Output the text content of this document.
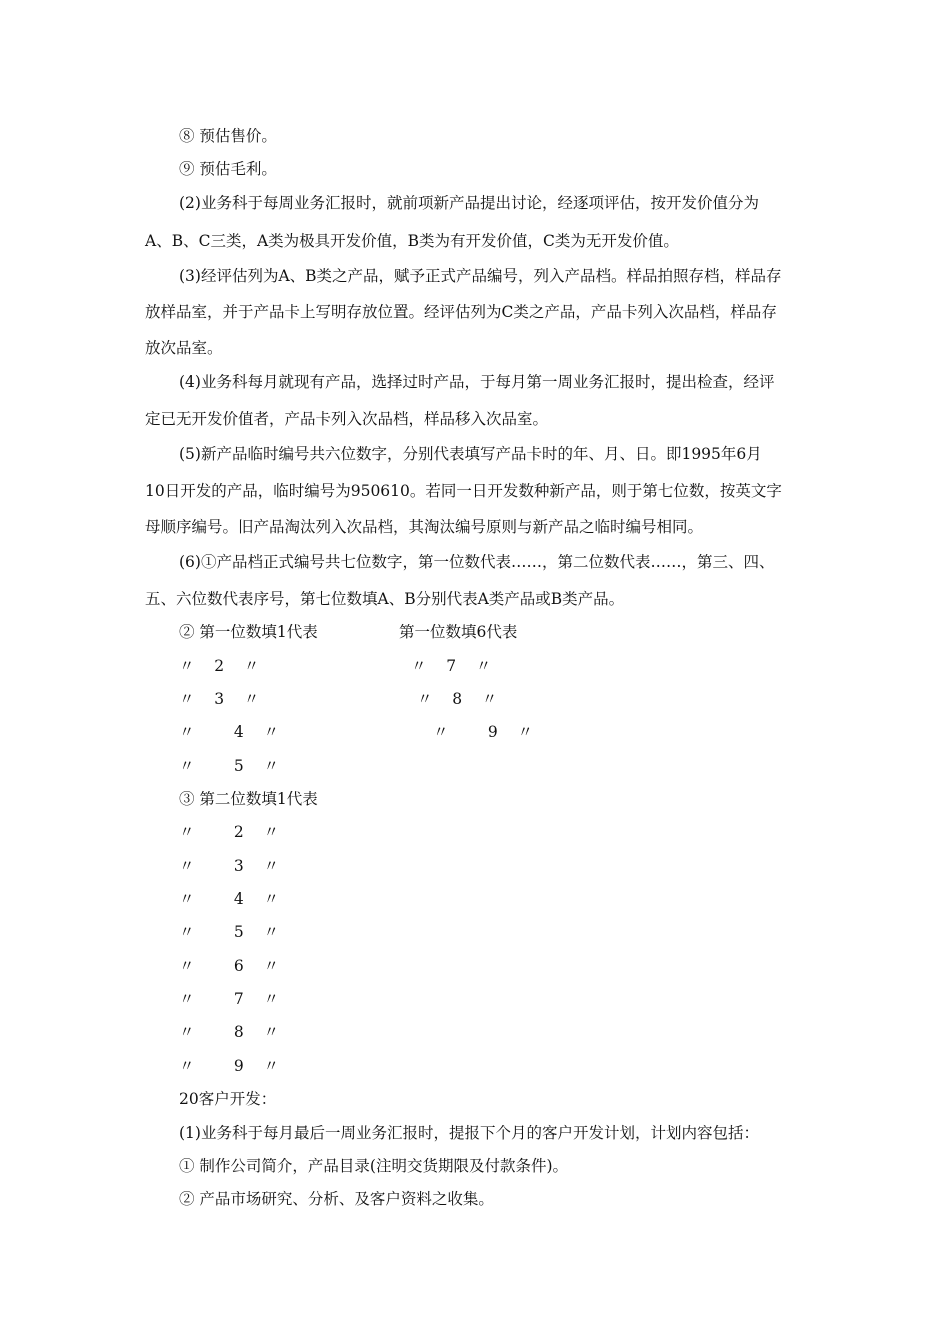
⑧ 预估售价。
⑨ 预估毛利。
(2)业务科于每周业务汇报时，就前项新产品提出讨论，经逐项评估，按开发价值分为
A、B、C三类，A类为极具开发价值，B类为有开发价值，C类为无开发价值。
(3)经评估列为A、B类之产品，赋予正式产品编号，列入产品档。样品拍照存档，样品存
放样品室，并于产品卡上写明存放位置。经评估列为C类之产品，产品卡列入次品档，样品存
放次品室。
(4)业务科每月就现有产品，选择过时产品，于每月第一周业务汇报时，提出检查，经评
定已无开发价值者，产品卡列入次品档，样品移入次品室。
(5)新产品临时编号共六位数字，分别代表填写产品卡时的年、月、日。即1995年6月
10日开发的产品，临时编号为950610。若同一日开发数种新产品，则于第七位数，按英文字
母顺序编号。旧产品淘汰列入次品档，其淘汰编号原则与新产品之临时编号相同。
(6)①产品档正式编号共七位数字，第一位数代表……，第二位数代表……，第三、四、
五、六位数代表序号，第七位数填A、B分别代表A类产品或B类产品。
② 第一位数填1代表	第一位数填6代表
〃    2    〃	〃    7    〃
〃    3    〃	〃    8    〃
〃        4    〃	〃        9    〃
〃        5    〃
③ 第二位数填1代表
〃        2    〃
〃        3    〃
〃        4    〃
〃        5    〃
〃        6    〃
〃        7    〃
〃        8    〃
〃        9    〃
20客户开发：
(1)业务科于每月最后一周业务汇报时，提报下个月的客户开发计划，计划内容包括：
① 制作公司简介，产品目录(注明交货期限及付款条件)。
② 产品市场研究、分析、及客户资料之收集。
